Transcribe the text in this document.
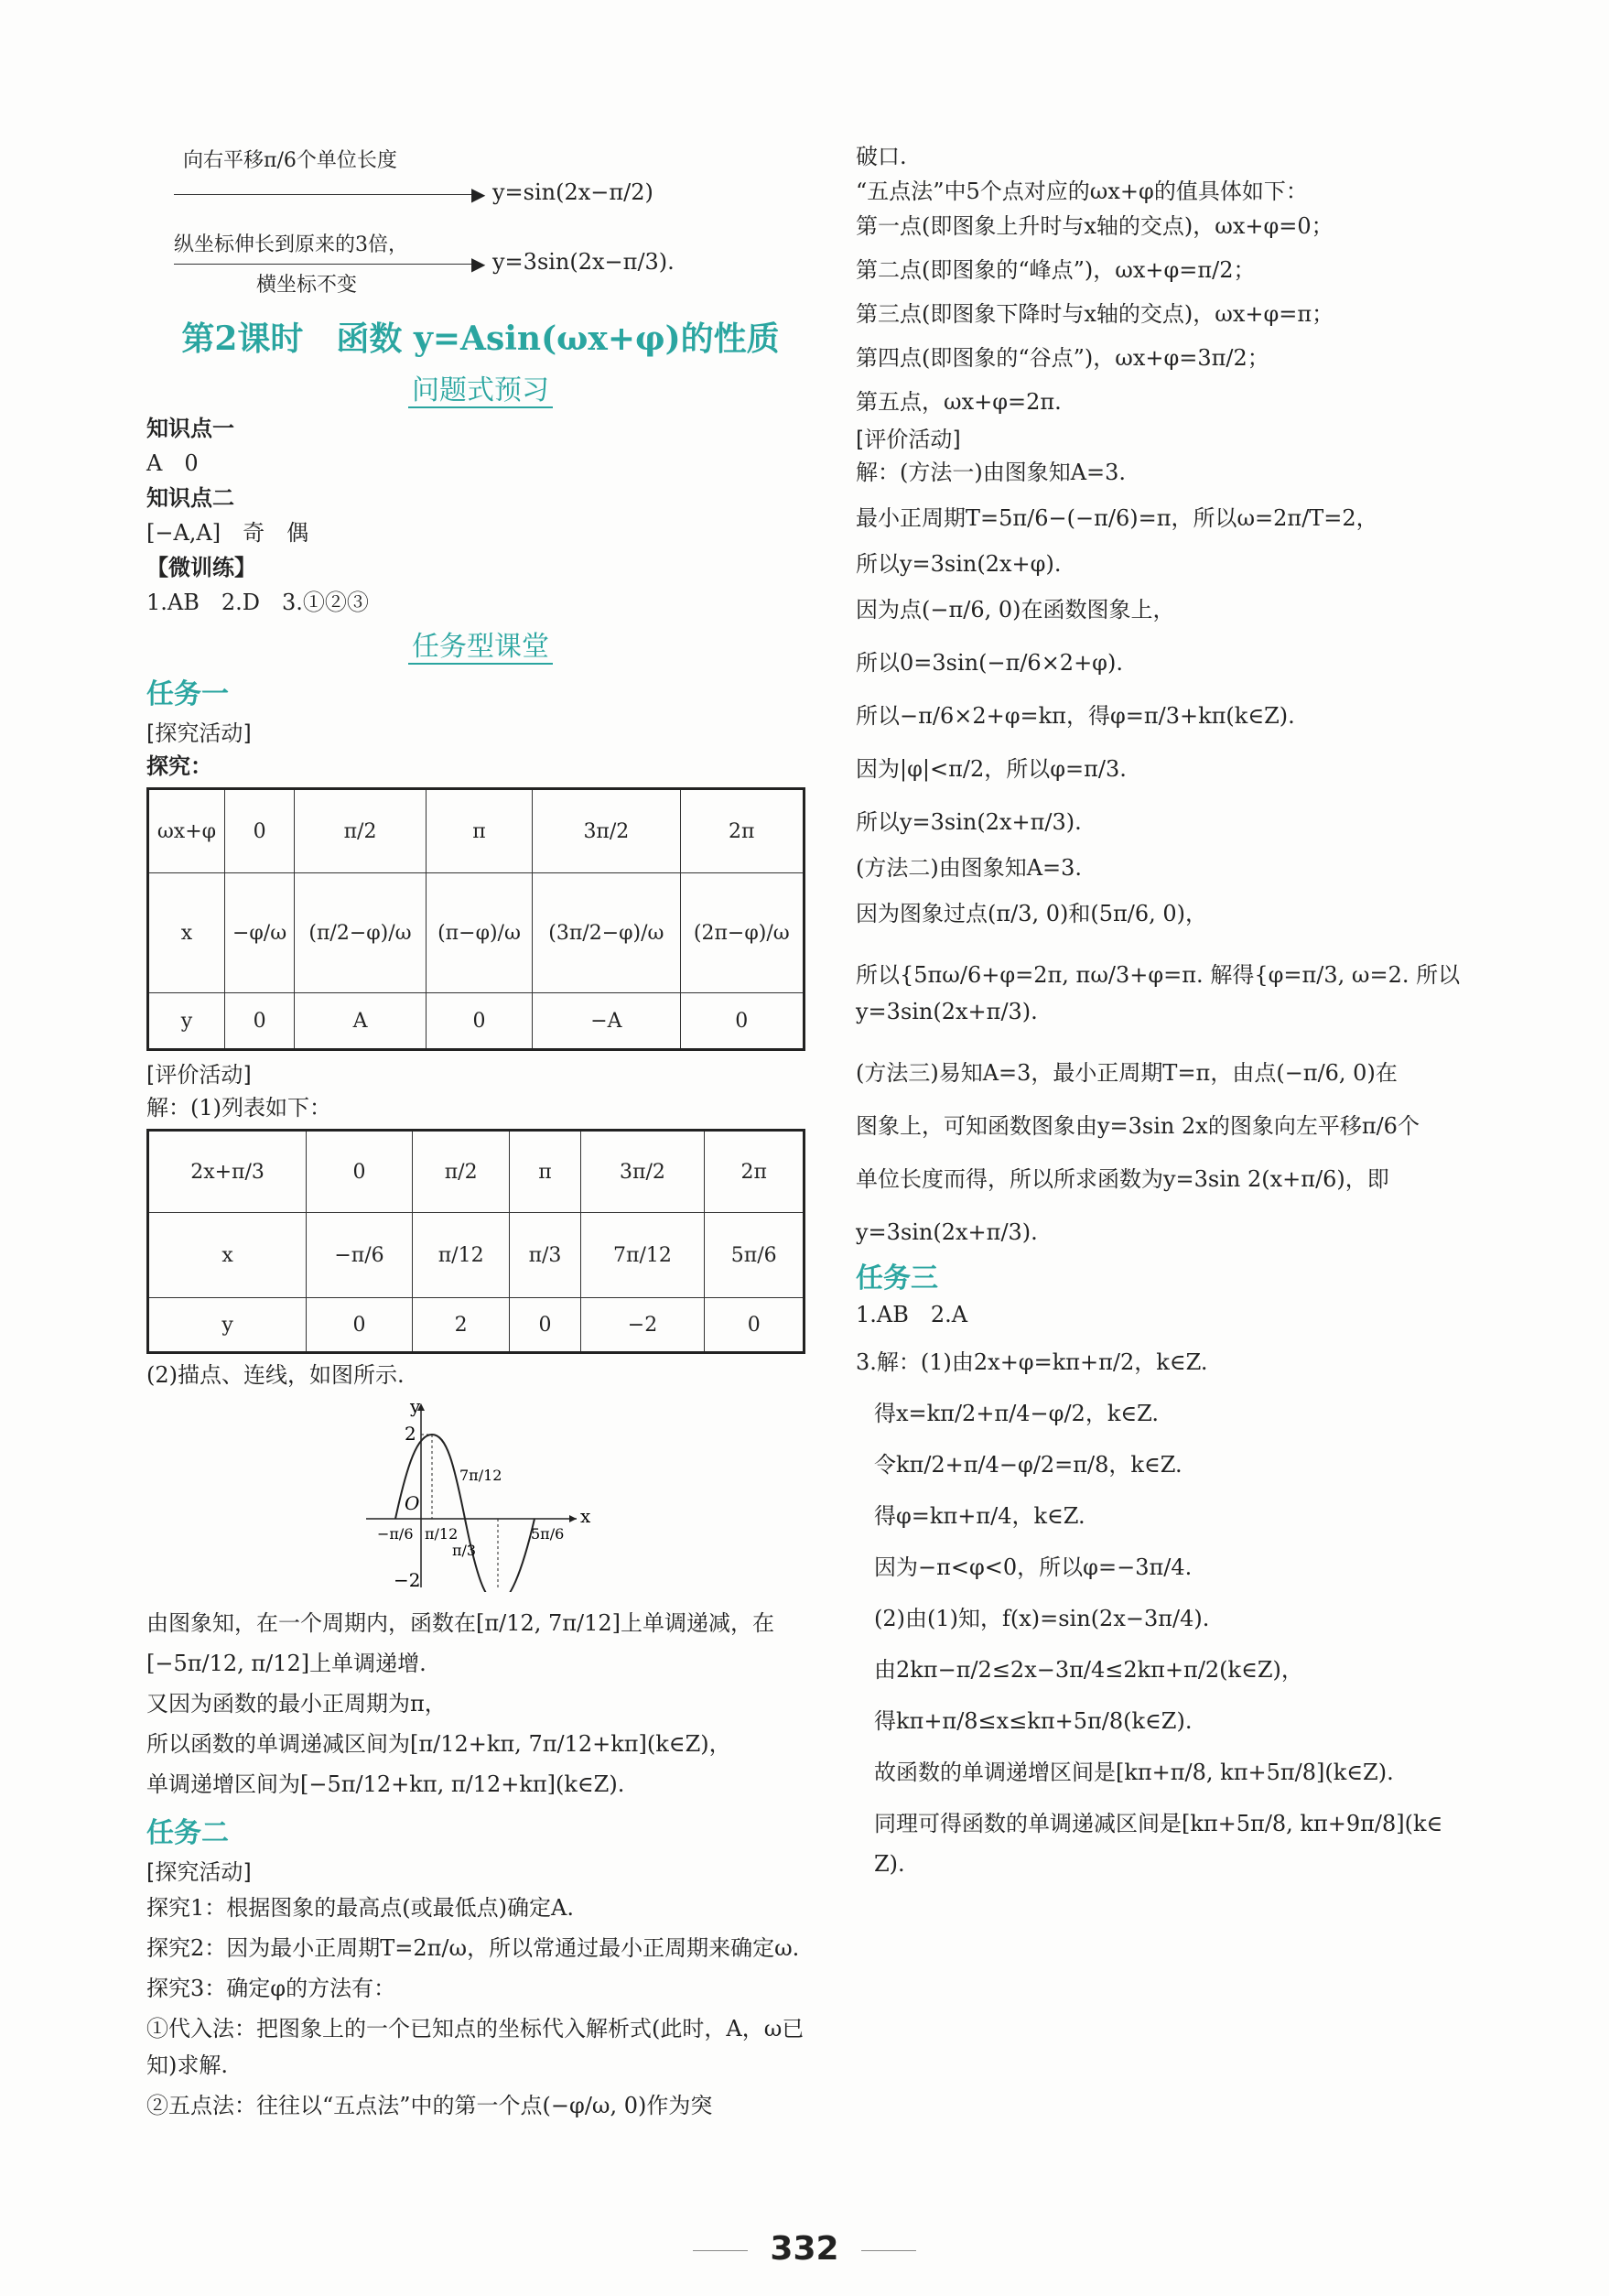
向右平移π/6个单位长度
▶ y=sin(2x−π/2)
纵坐标伸长到原来的3倍，
▶ y=3sin(2x−π/3).
横坐标不变
第2课时　函数 y=Asin(ωx+φ)的性质
问题式预习
知识点一
A　0
知识点二
[−A,A]　奇　偶
【微训练】
1.AB　2.D　3.①②③
任务型课堂
任务一
[探究活动]
探究：
ωx+φ	0	π/2	π	3π/2	2π
x	−φ/ω	(π/2−φ)/ω	(π−φ)/ω	(3π/2−φ)/ω	(2π−φ)/ω
y	0	A	0	−A	0
[评价活动]
解：(1)列表如下：
2x+π/3	0	π/2	π	3π/2	2π
x	−π/6	π/12	π/3	7π/12	5π/6
y	0	2	0	−2	0
(2)描点、连线，如图所示.
y
x
2
−2
O
7π/12
−π/6 π/12
π/3
5π/6
由图象知，在一个周期内，函数在[π/12, 7π/12]上单调递减，在
[−5π/12, π/12]上单调递增.
又因为函数的最小正周期为π，
所以函数的单调递减区间为[π/12+kπ, 7π/12+kπ](k∈Z)，
单调递增区间为[−5π/12+kπ, π/12+kπ](k∈Z).
任务二
[探究活动]
探究1：根据图象的最高点(或最低点)确定A.
探究2：因为最小正周期T=2π/ω，所以常通过最小正周期来确定ω.
探究3：确定φ的方法有：
①代入法：把图象上的一个已知点的坐标代入解析式(此时，A，ω已知)求解.
②五点法：往往以“五点法”中的第一个点(−φ/ω, 0)作为突
破口.
“五点法”中5个点对应的ωx+φ的值具体如下：
第一点(即图象上升时与x轴的交点)，ωx+φ=0；
第二点(即图象的“峰点”)，ωx+φ=π/2；
第三点(即图象下降时与x轴的交点)，ωx+φ=π；
第四点(即图象的“谷点”)，ωx+φ=3π/2；
第五点，ωx+φ=2π.
[评价活动]
解：(方法一)由图象知A=3.
最小正周期T=5π/6−(−π/6)=π，所以ω=2π/T=2，
所以y=3sin(2x+φ).
因为点(−π/6, 0)在函数图象上，
所以0=3sin(−π/6×2+φ).
所以−π/6×2+φ=kπ，得φ=π/3+kπ(k∈Z).
因为|φ|<π/2，所以φ=π/3.
所以y=3sin(2x+π/3).
(方法二)由图象知A=3.
因为图象过点(π/3, 0)和(5π/6, 0)，
所以{5πω/6+φ=2π, πω/3+φ=π. 解得{φ=π/3, ω=2. 所以y=3sin(2x+π/3).
(方法三)易知A=3，最小正周期T=π，由点(−π/6, 0)在
图象上，可知函数图象由y=3sin 2x的图象向左平移π/6个
单位长度而得，所以所求函数为y=3sin 2(x+π/6)，即
y=3sin(2x+π/3).
任务三
1.AB　2.A
3.解：(1)由2x+φ=kπ+π/2，k∈Z.
得x=kπ/2+π/4−φ/2，k∈Z.
令kπ/2+π/4−φ/2=π/8，k∈Z.
得φ=kπ+π/4，k∈Z.
因为−π<φ<0，所以φ=−3π/4.
(2)由(1)知，f(x)=sin(2x−3π/4).
由2kπ−π/2≤2x−3π/4≤2kπ+π/2(k∈Z)，
得kπ+π/8≤x≤kπ+5π/8(k∈Z).
故函数的单调递增区间是[kπ+π/8, kπ+5π/8](k∈Z).
同理可得函数的单调递减区间是[kπ+5π/8, kπ+9π/8](k∈
Z).
332
